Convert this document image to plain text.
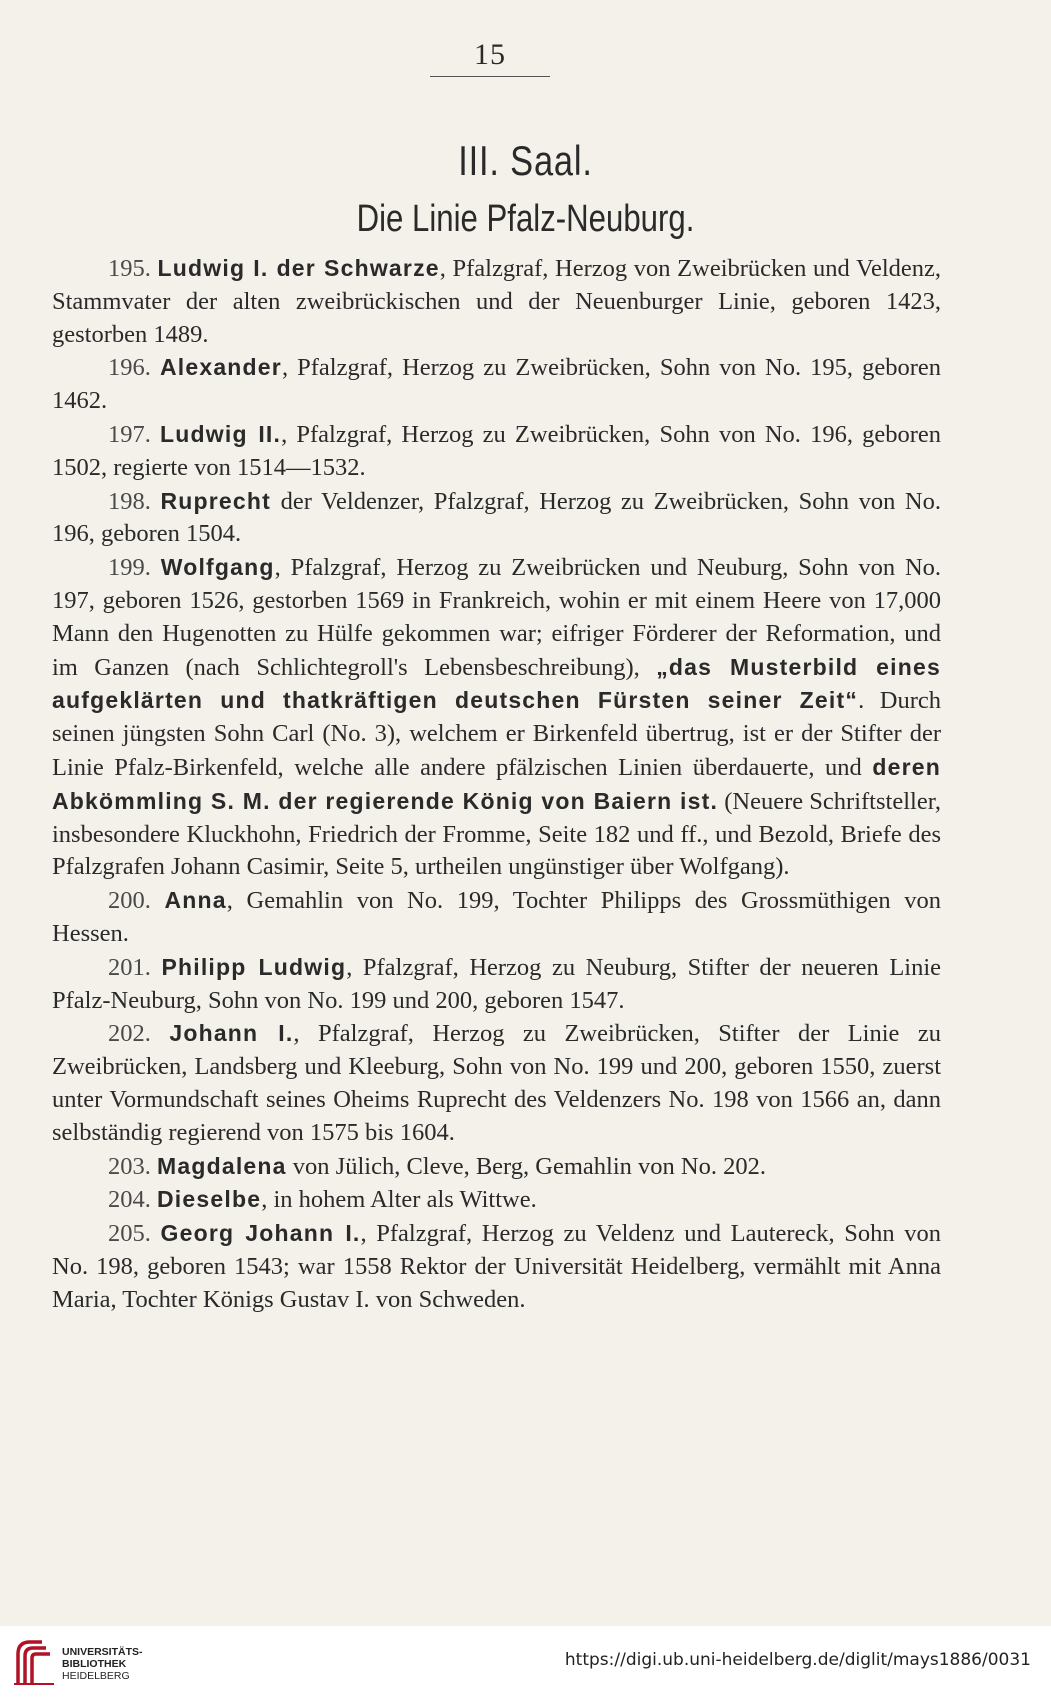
15
III. Saal.
Die Linie Pfalz-Neuburg.

195. Ludwig I. der Schwarze, Pfalzgraf, Herzog von Zweibrücken und Veldenz, Stammvater der alten zweibrückischen und der Neuenburger Linie, geboren 1423, gestorben 1489.

196. Alexander, Pfalzgraf, Herzog zu Zweibrücken, Sohn von No. 195, geboren 1462.

197. Ludwig II., Pfalzgraf, Herzog zu Zweibrücken, Sohn von No. 196, geboren 1502, regierte von 1514—1532.

198. Ruprecht der Veldenzer, Pfalzgraf, Herzog zu Zweibrücken, Sohn von No. 196, geboren 1504.

199. Wolfgang, Pfalzgraf, Herzog zu Zweibrücken und Neuburg, Sohn von No. 197, geboren 1526, gestorben 1569 in Frankreich, wohin er mit einem Heere von 17,000 Mann den Hugenotten zu Hülfe gekommen war; eifriger Förderer der Reformation, und im Ganzen (nach Schlichtegroll's Lebensbeschreibung), „das Musterbild eines aufgeklärten und thatkräftigen deutschen Fürsten seiner Zeit“. Durch seinen jüngsten Sohn Carl (No. 3), welchem er Birkenfeld übertrug, ist er der Stifter der Linie Pfalz-Birkenfeld, welche alle andere pfälzischen Linien überdauerte, und deren Abkömmling S. M. der regierende König von Baiern ist. (Neuere Schriftsteller, insbesondere Kluckhohn, Friedrich der Fromme, Seite 182 und ff., und Bezold, Briefe des Pfalzgrafen Johann Casimir, Seite 5, urtheilen ungünstiger über Wolfgang).

200. Anna, Gemahlin von No. 199, Tochter Philipps des Grossmüthigen von Hessen.

201. Philipp Ludwig, Pfalzgraf, Herzog zu Neuburg, Stifter der neueren Linie Pfalz-Neuburg, Sohn von No. 199 und 200, geboren 1547.

202. Johann I., Pfalzgraf, Herzog zu Zweibrücken, Stifter der Linie zu Zweibrücken, Landsberg und Kleeburg, Sohn von No. 199 und 200, geboren 1550, zuerst unter Vormundschaft seines Oheims Ruprecht des Veldenzers No. 198 von 1566 an, dann selbständig regierend von 1575 bis 1604.

203. Magdalena von Jülich, Cleve, Berg, Gemahlin von No. 202.

204. Dieselbe, in hohem Alter als Wittwe.

205. Georg Johann I., Pfalzgraf, Herzog zu Veldenz und Lautereck, Sohn von No. 198, geboren 1543; war 1558 Rektor der Universität Heidelberg, vermählt mit Anna Maria, Tochter Königs Gustav I. von Schweden.

UNIVERSITÄTS-
BIBLIOTHEK
HEIDELBERG
https://digi.ub.uni-heidelberg.de/diglit/mays1886/0031
